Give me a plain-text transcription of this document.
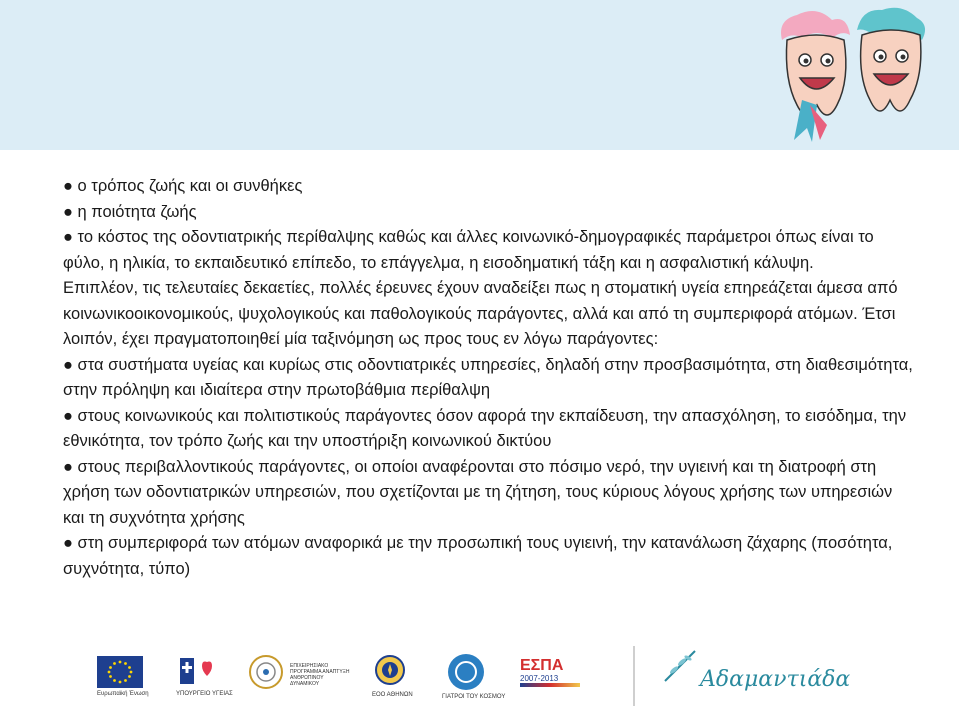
● ο τρόπος ζωής και οι συνθήκες

● η ποιότητα ζωής

● το κόστος της οδοντιατρικής περίθαλψης καθώς και άλλες κοινωνικό-δημογραφικές παράμετροι όπως είναι το φύλο, η ηλικία, το εκπαιδευτικό επίπεδο, το επάγγελμα, η εισοδηματική τάξη και η ασφαλιστική κάλυψη.

Επιπλέον, τις τελευταίες δεκαετίες, πολλές έρευνες έχουν αναδείξει πως η στοματική υγεία επηρεάζεται άμεσα από κοινωνικοοικονομικούς, ψυχολογικούς και παθολογικούς παράγοντες, αλλά και από τη συμπεριφορά ατόμων. Έτσι λοιπόν, έχει πραγματοποιηθεί μία ταξινόμηση ως προς τους εν λόγω παράγοντες:

● στα συστήματα υγείας και κυρίως στις οδοντιατρικές υπηρεσίες, δηλαδή στην προσβασιμότητα, στη διαθεσιμότητα, στην πρόληψη και ιδιαίτερα στην πρωτοβάθμια περίθαλψη

● στους κοινωνικούς και πολιτιστικούς παράγοντες όσον αφορά την εκπαίδευση, την απασχόληση, το εισόδημα, την εθνικότητα, τον τρόπο ζωής και την υποστήριξη κοινωνικού δικτύου

● στους περιβαλλοντικούς παράγοντες, οι οποίοι αναφέρονται στο πόσιμο νερό, την υγιεινή και τη διατροφή στη χρήση των οδοντιατρικών υπηρεσιών, που σχετίζονται με τη ζήτηση, τους κύριους λόγους χρήσης των υπηρεσιών και τη συχνότητα χρήσης

● στη συμπεριφορά των ατόμων αναφορικά με την προσωπική τους υγιεινή, την κατανάλωση ζάχαρης (ποσότητα, συχνότητα, τύπο)

Ευρωπαϊκή Ένωση	ΥΠΟΥΡΓΕΙΟ ΥΓΕΙΑΣ
ΕΠΙΧΕΙΡΗΣΙΑΚΟ ΠΡΟΓΡΑΜΜΑ ΑΝΑΠΤΥΞΗ ΑΝΘΡΩΠΙΝΟΥ ΔΥΝΑΜΙΚΟΥ
ΕΟΟ ΑΘΗΝΩΝ	ΓΙΑΤΡΟΙ ΤΟΥ ΚΟΣΜΟΥ
ΕΣΠΑ
2007-2013	Αδαμαντιάδα
